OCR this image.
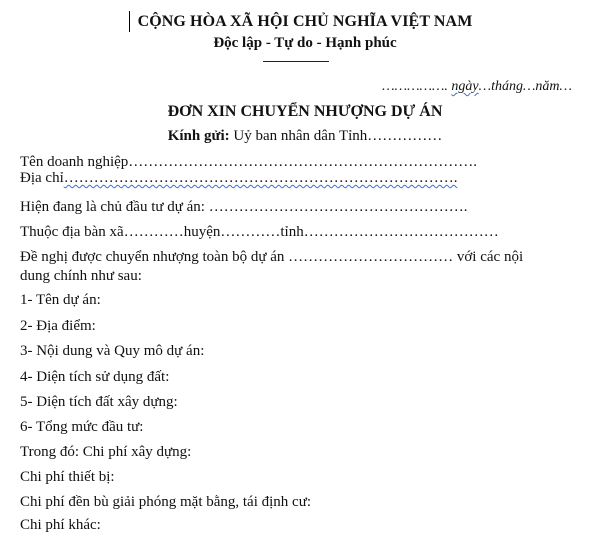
CỘNG HÒA XÃ HỘI CHỦ NGHĨA VIỆT NAM
Độc lập - Tự do - Hạnh phúc
……………. ngày…tháng…năm…
ĐƠN XIN CHUYỂN NHƯỢNG DỰ ÁN
Kính gửi: Uỷ ban nhân dân Tỉnh……………
Tên doanh nghiệp…………………………………………………………….
Địa chỉ…………………………………………………………………….
Hiện đang là chủ đầu tư dự án: …………………………………………….
Thuộc địa bàn xã…………huyện…………tỉnh…………………………………
Đề nghị được chuyển nhượng toàn bộ dự án …………………………… với các nội
dung chính như sau:
1- Tên dự án:
2- Địa điểm:
3- Nội dung và Quy mô dự án:
4- Diện tích sử dụng đất:
5- Diện tích đất xây dựng:
6- Tổng mức đầu tư:
Trong đó: Chi phí xây dựng:
Chi phí thiết bị:
Chi phí đền bù giải phóng mặt bằng, tái định cư:
Chi phí khác:
